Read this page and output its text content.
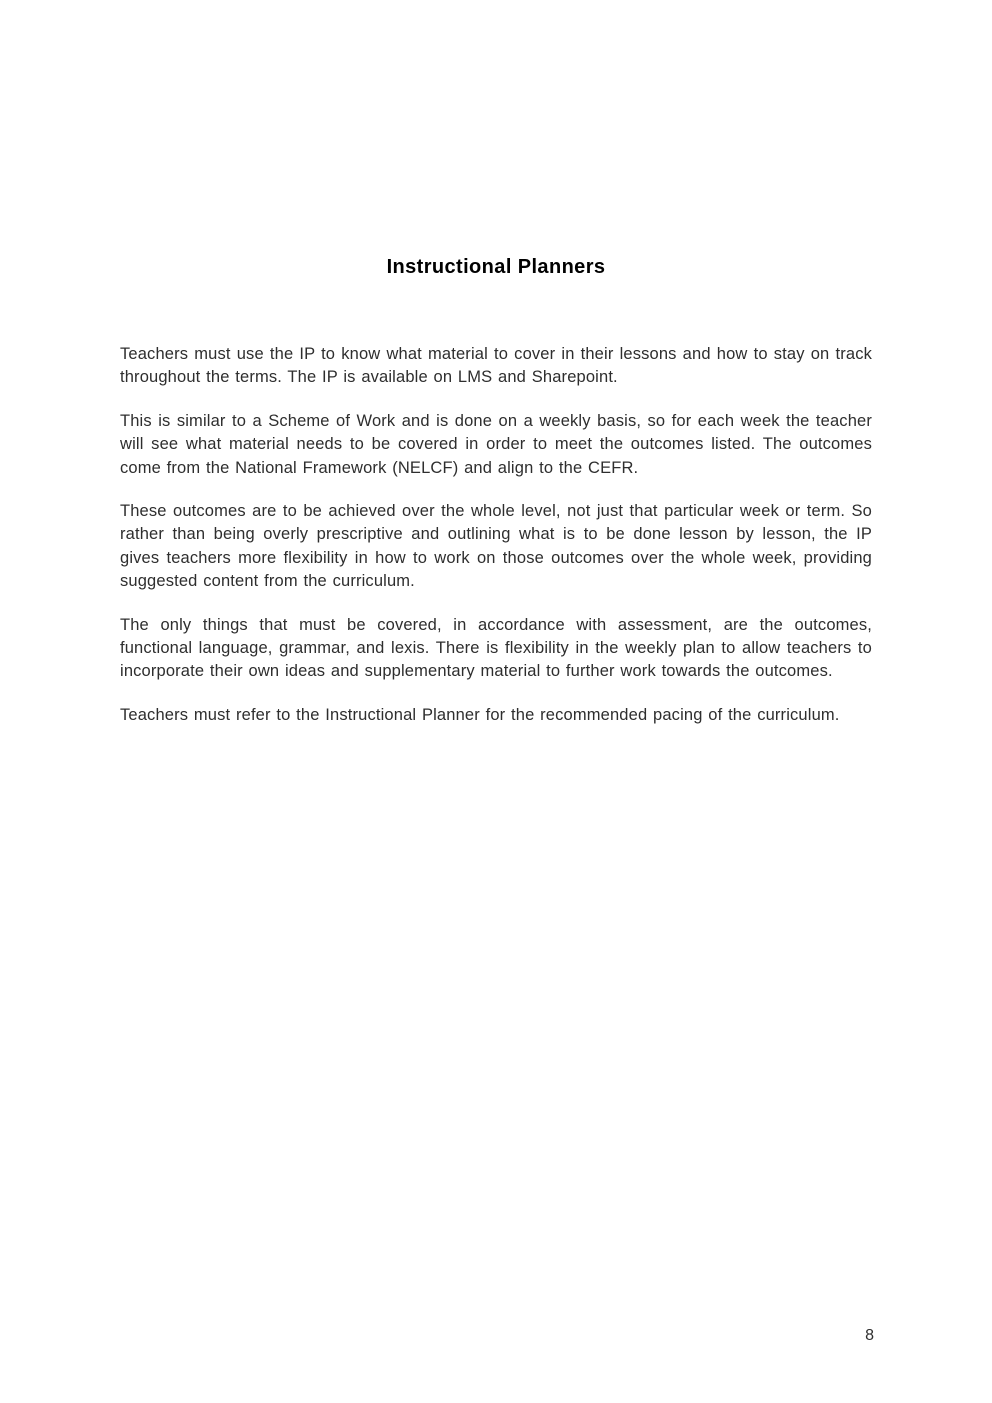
Instructional Planners

Teachers must use the IP to know what material to cover in their lessons and how to stay on track throughout the terms. The IP is available on LMS and Sharepoint.

This is similar to a Scheme of Work and is done on a weekly basis, so for each week the teacher will see what material needs to be covered in order to meet the outcomes listed. The outcomes come from the National Framework (NELCF) and align to the CEFR.

These outcomes are to be achieved over the whole level, not just that particular week or term. So rather than being overly prescriptive and outlining what is to be done lesson by lesson, the IP gives teachers more flexibility in how to work on those outcomes over the whole week, providing suggested content from the curriculum.

The only things that must be covered, in accordance with assessment, are the outcomes, functional language, grammar, and lexis. There is flexibility in the weekly plan to allow teachers to incorporate their own ideas and supplementary material to further work towards the outcomes.

Teachers must refer to the Instructional Planner for the recommended pacing of the curriculum.

8
